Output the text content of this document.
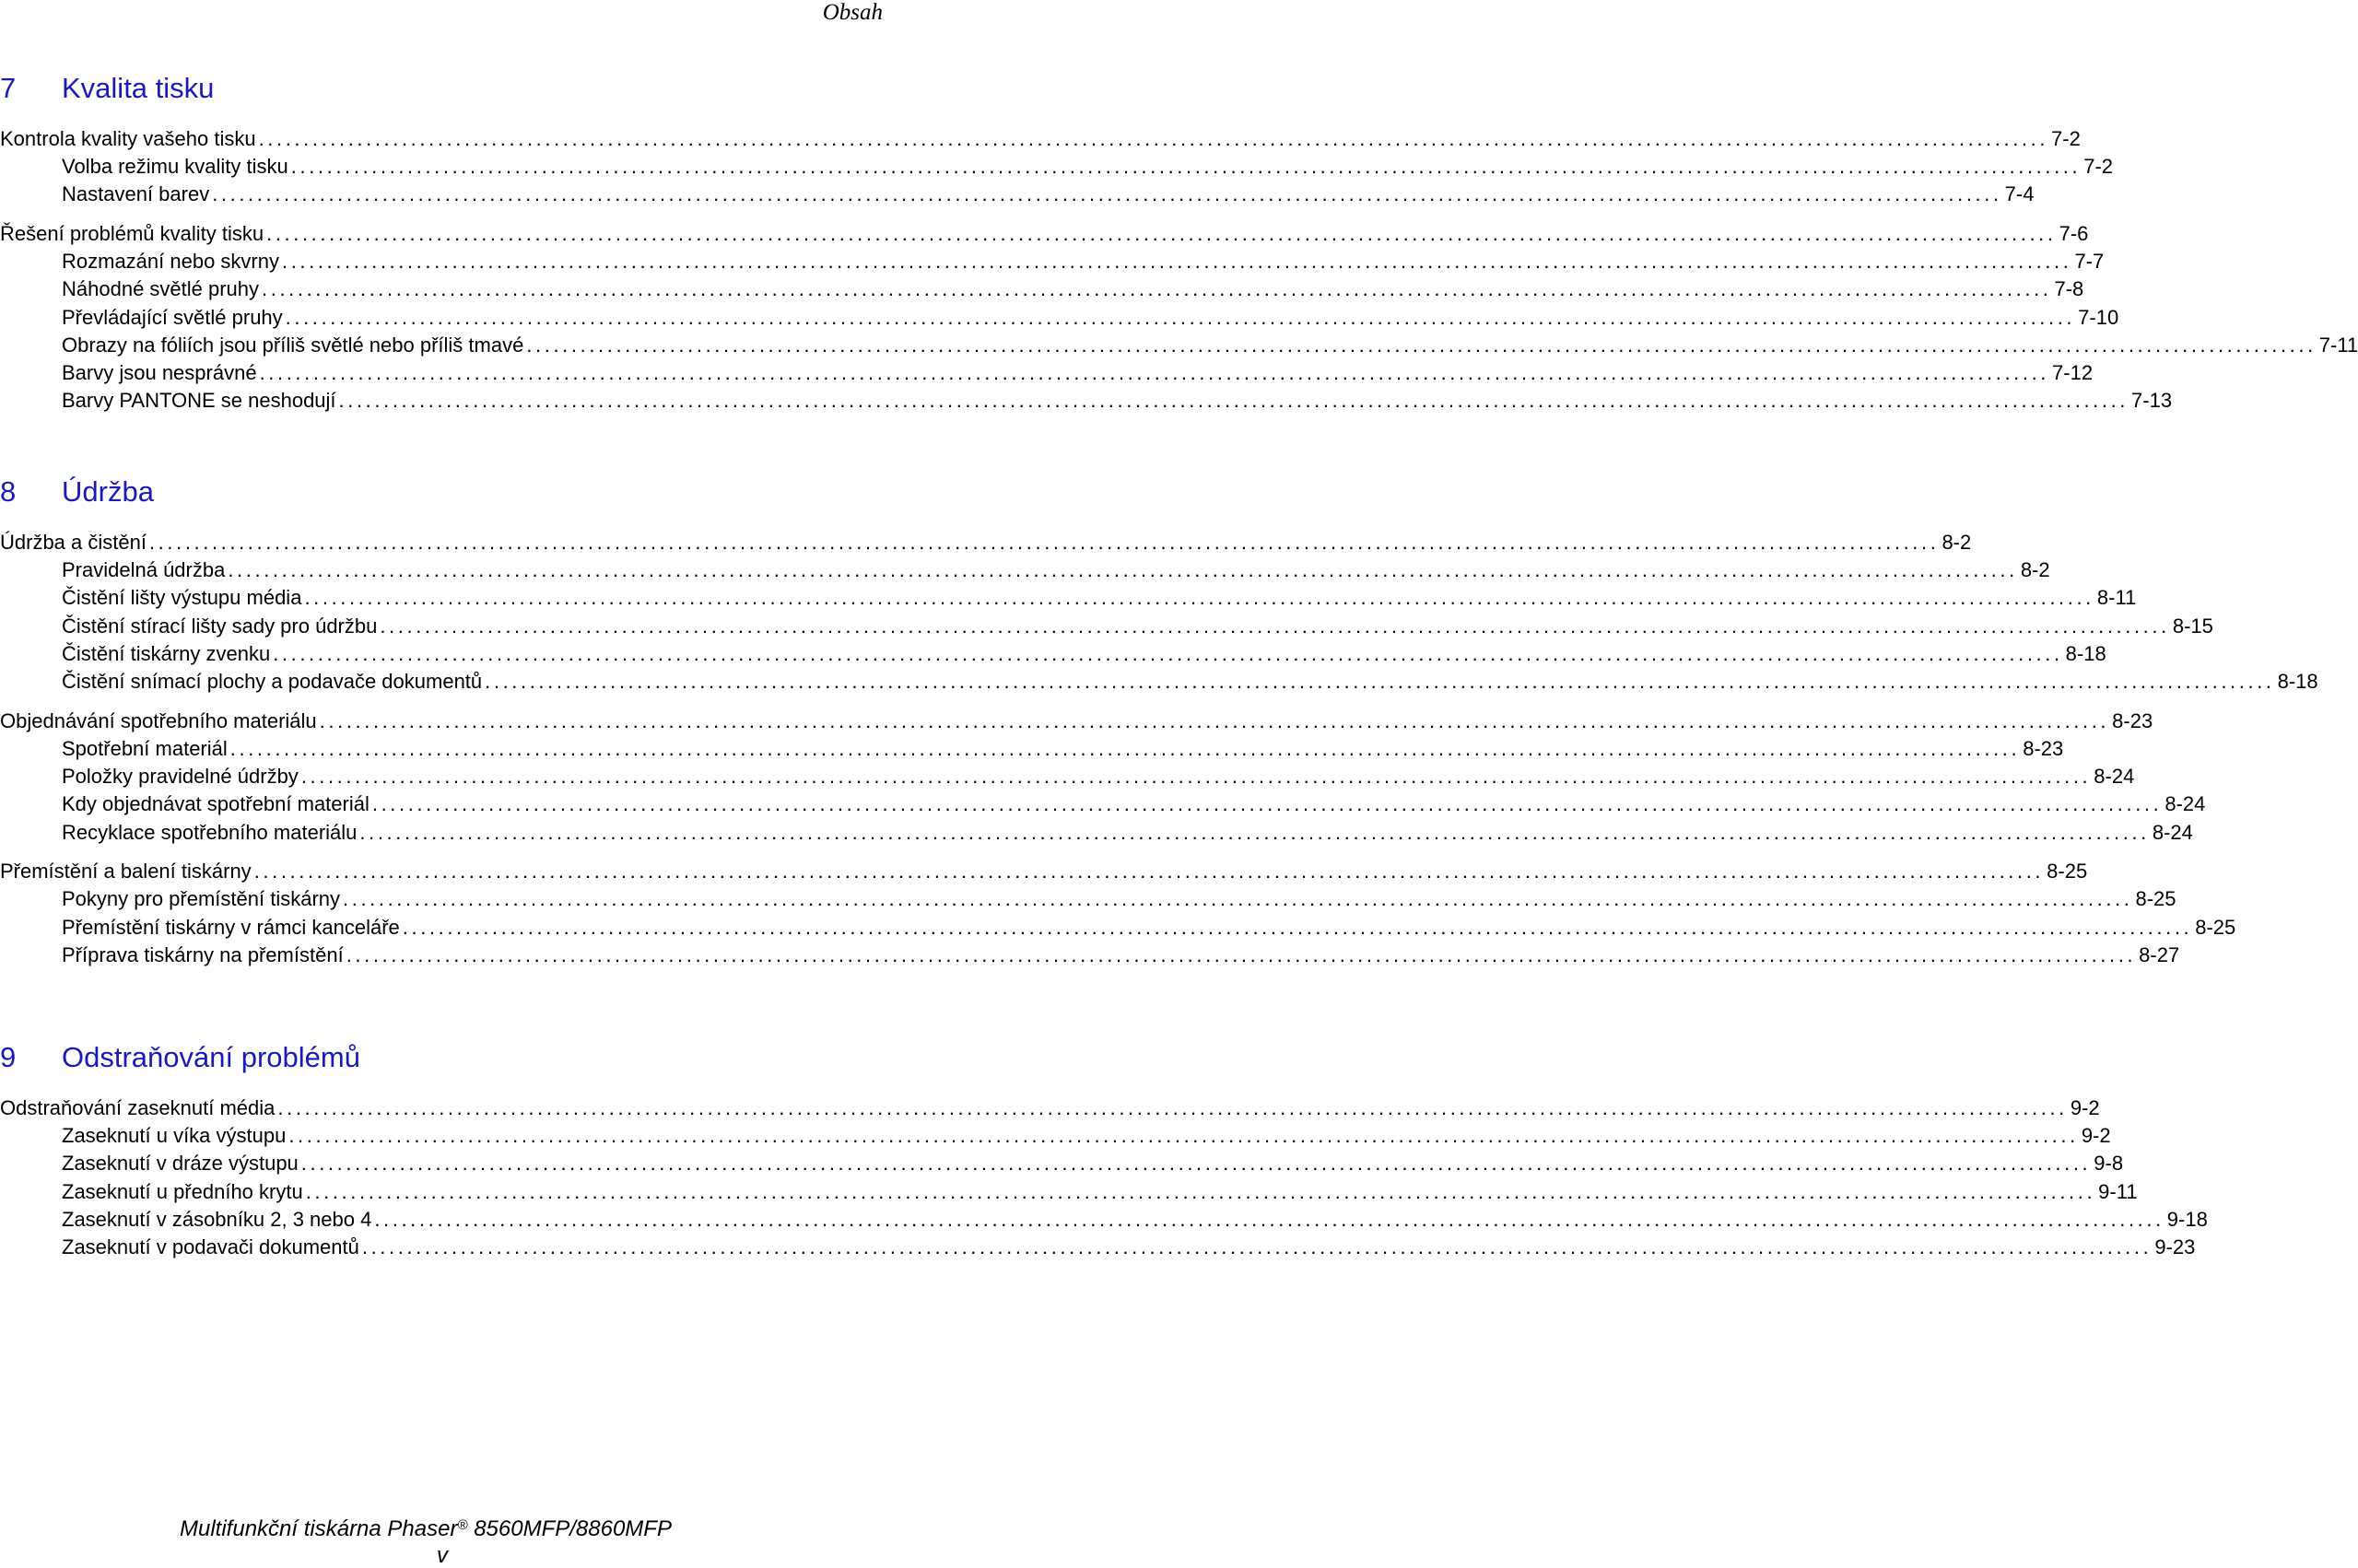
Obsah
7 Kvalita tisku
Kontrola kvality vašeho tisku ........................................................................................................................................................................................................ 7-2
Volba režimu kvality tisku ........................................................................................................................................................................................................ 7-2
Nastavení barev ........................................................................................................................................................................................................ 7-4
Řešení problémů kvality tisku ........................................................................................................................................................................................................ 7-6
Rozmazání nebo skvrny ........................................................................................................................................................................................................ 7-7
Náhodné světlé pruhy ........................................................................................................................................................................................................ 7-8
Převládající světlé pruhy ........................................................................................................................................................................................................ 7-10
Obrazy na fóliích jsou příliš světlé nebo příliš tmavé ........................................................................................................................................................................................................ 7-11
Barvy jsou nesprávné ........................................................................................................................................................................................................ 7-12
Barvy PANTONE se neshodují ........................................................................................................................................................................................................ 7-13
8 Údržba
Údržba a čistění ........................................................................................................................................................................................................ 8-2
Pravidelná údržba ........................................................................................................................................................................................................ 8-2
Čistění lišty výstupu média ........................................................................................................................................................................................................ 8-11
Čistění stírací lišty sady pro údržbu ........................................................................................................................................................................................................ 8-15
Čistění tiskárny zvenku ........................................................................................................................................................................................................ 8-18
Čistění snímací plochy a podavače dokumentů ........................................................................................................................................................................................................ 8-18
Objednávání spotřebního materiálu ........................................................................................................................................................................................................ 8-23
Spotřební materiál ........................................................................................................................................................................................................ 8-23
Položky pravidelné údržby ........................................................................................................................................................................................................ 8-24
Kdy objednávat spotřební materiál ........................................................................................................................................................................................................ 8-24
Recyklace spotřebního materiálu ........................................................................................................................................................................................................ 8-24
Přemístění a balení tiskárny ........................................................................................................................................................................................................ 8-25
Pokyny pro přemístění tiskárny ........................................................................................................................................................................................................ 8-25
Přemístění tiskárny v rámci kanceláře ........................................................................................................................................................................................................ 8-25
Příprava tiskárny na přemístění ........................................................................................................................................................................................................ 8-27
9 Odstraňování problémů
Odstraňování zaseknutí média ........................................................................................................................................................................................................ 9-2
Zaseknutí u víka výstupu ........................................................................................................................................................................................................ 9-2
Zaseknutí v dráze výstupu ........................................................................................................................................................................................................ 9-8
Zaseknutí u předního krytu ........................................................................................................................................................................................................ 9-11
Zaseknutí v zásobníku 2, 3 nebo 4 ........................................................................................................................................................................................................ 9-18
Zaseknutí v podavači dokumentů ........................................................................................................................................................................................................ 9-23
Multifunkční tiskárna Phaser® 8560MFP/8860MFP
v
